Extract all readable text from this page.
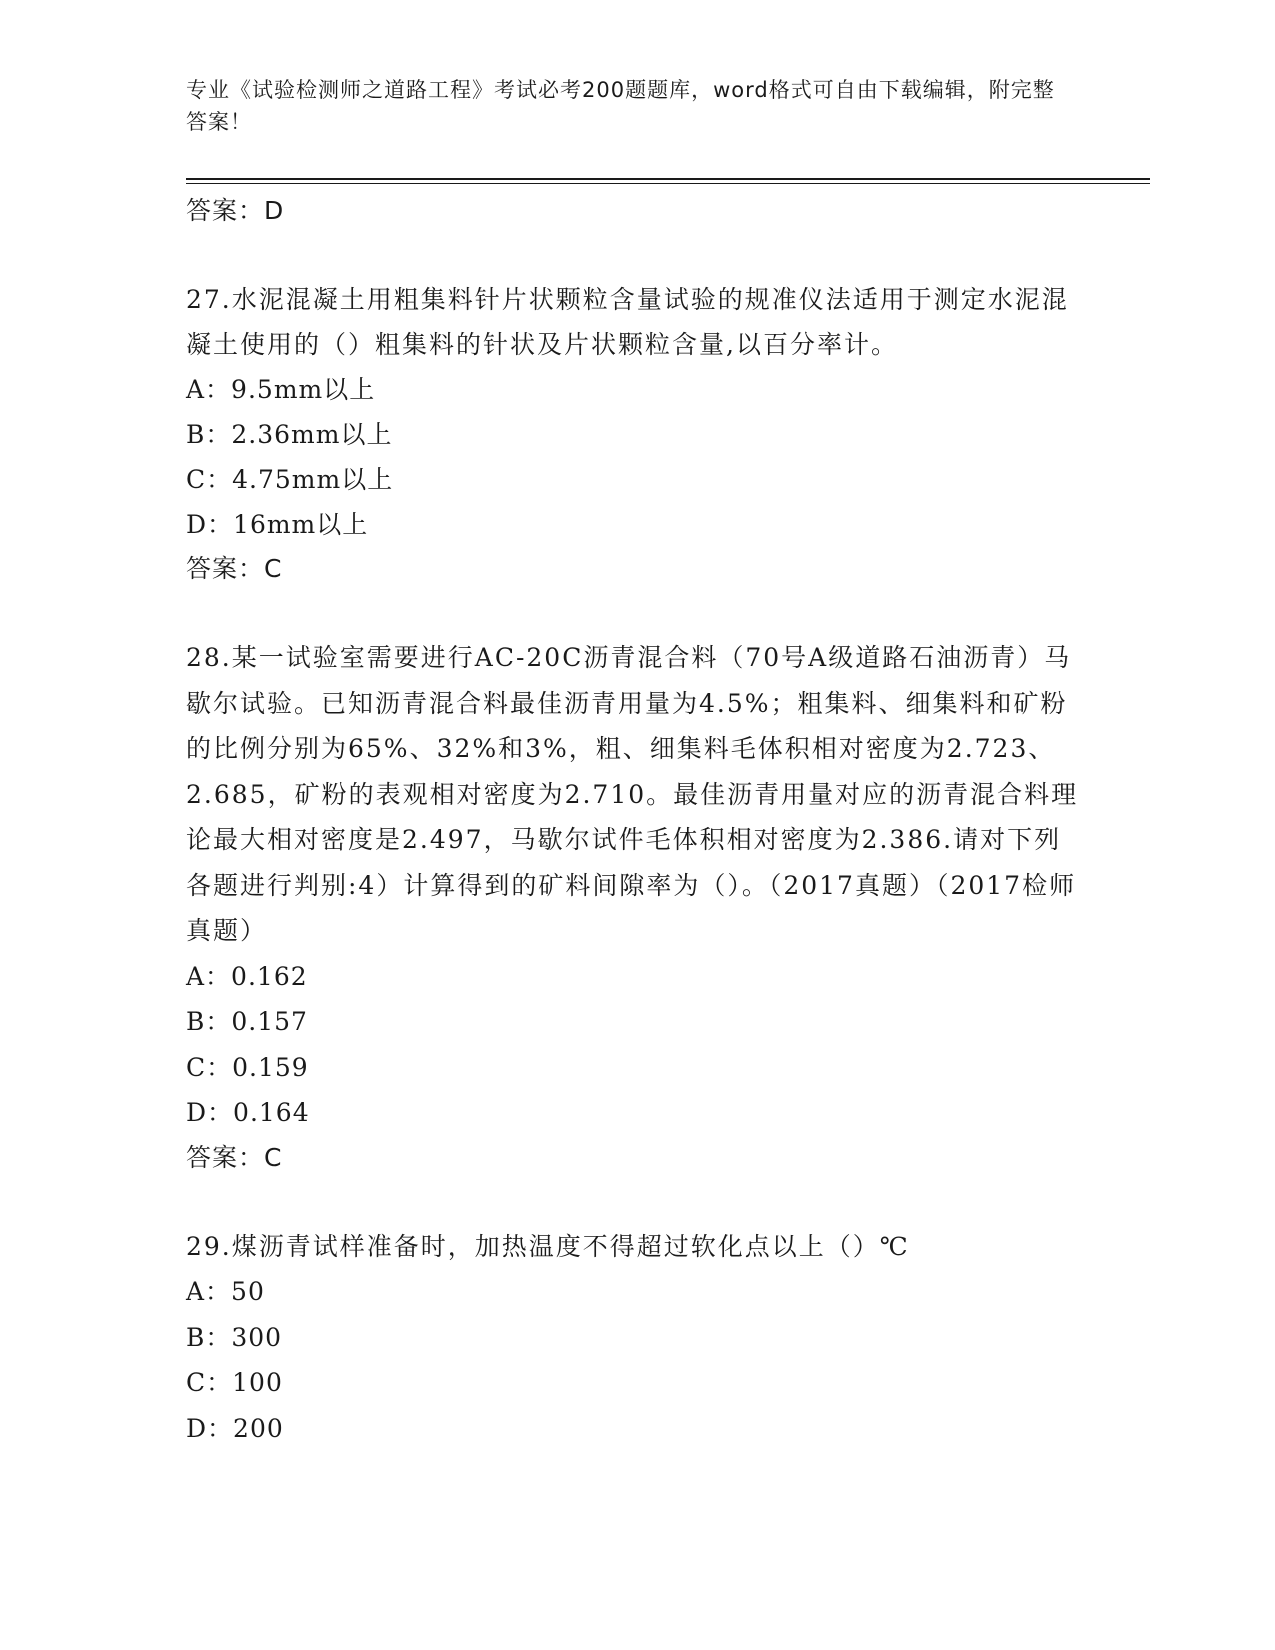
专业《试验检测师之道路工程》考试必考200题题库，word格式可自由下载编辑，附完整答案！

答案：D

27.水泥混凝土用粗集料针片状颗粒含量试验的规准仪法适用于测定水泥混凝土使用的（）粗集料的针状及片状颗粒含量,以百分率计。

A：9.5mm以上

B：2.36mm以上

C：4.75mm以上

D：16mm以上

答案：C

28.某一试验室需要进行AC-20C沥青混合料（70号A级道路石油沥青）马歇尔试验。已知沥青混合料最佳沥青用量为4.5%；粗集料、细集料和矿粉的比例分别为65%、32%和3%，粗、细集料毛体积相对密度为2.723、2.685，矿粉的表观相对密度为2.710。最佳沥青用量对应的沥青混合料理论最大相对密度是2.497，马歇尔试件毛体积相对密度为2.386.请对下列各题进行判别:4）计算得到的矿料间隙率为（）。（2017真题）（2017检师真题）

A：0.162

B：0.157

C：0.159

D：0.164

答案：C

29.煤沥青试样准备时，加热温度不得超过软化点以上（）℃

A：50

B：300

C：100

D：200
